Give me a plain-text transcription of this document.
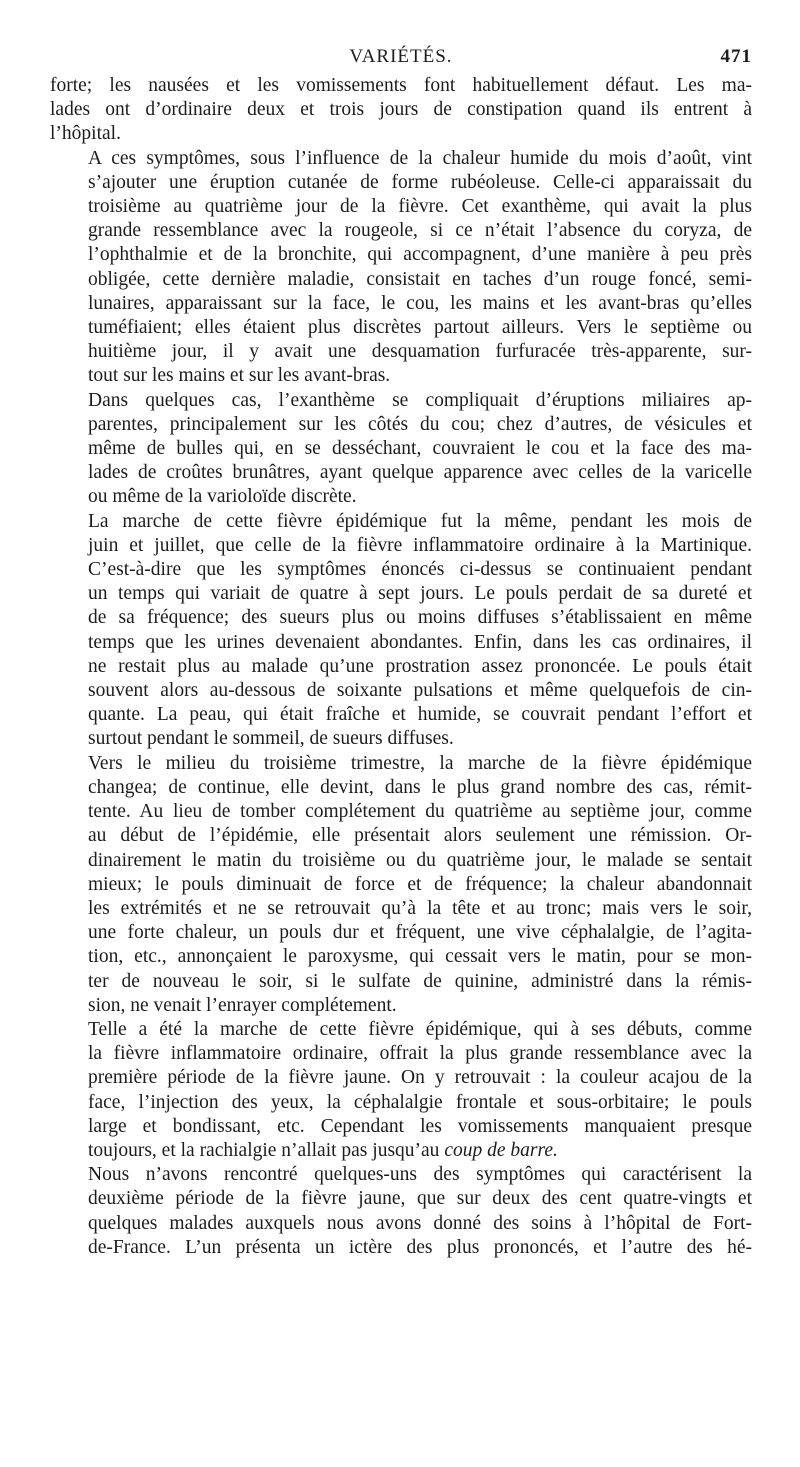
VARIÉTÉS.	471

forte; les nausées et les vomissements font habituellement défaut. Les ma-
lades ont d’ordinaire deux et trois jours de constipation quand ils entrent à
l’hôpital.

A ces symptômes, sous l’influence de la chaleur humide du mois d’août, vint
s’ajouter une éruption cutanée de forme rubéoleuse. Celle-ci apparaissait du
troisième au quatrième jour de la fièvre. Cet exanthème, qui avait la plus
grande ressemblance avec la rougeole, si ce n’était l’absence du coryza, de
l’ophthalmie et de la bronchite, qui accompagnent, d’une manière à peu près
obligée, cette dernière maladie, consistait en taches d’un rouge foncé, semi-
lunaires, apparaissant sur la face, le cou, les mains et les avant-bras qu’elles
tuméfiaient; elles étaient plus discrètes partout ailleurs. Vers le septième ou
huitième jour, il y avait une desquamation furfuracée très-apparente, sur-
tout sur les mains et sur les avant-bras.

Dans quelques cas, l’exanthème se compliquait d’éruptions miliaires ap-
parentes, principalement sur les côtés du cou; chez d’autres, de vésicules et
même de bulles qui, en se desséchant, couvraient le cou et la face des ma-
lades de croûtes brunâtres, ayant quelque apparence avec celles de la varicelle
ou même de la varioloïde discrète.

La marche de cette fièvre épidémique fut la même, pendant les mois de
juin et juillet, que celle de la fièvre inflammatoire ordinaire à la Martinique.
C’est-à-dire que les symptômes énoncés ci-dessus se continuaient pendant
un temps qui variait de quatre à sept jours. Le pouls perdait de sa dureté et
de sa fréquence; des sueurs plus ou moins diffuses s’établissaient en même
temps que les urines devenaient abondantes. Enfin, dans les cas ordinaires, il
ne restait plus au malade qu’une prostration assez prononcée. Le pouls était
souvent alors au-dessous de soixante pulsations et même quelquefois de cin-
quante. La peau, qui était fraîche et humide, se couvrait pendant l’effort et
surtout pendant le sommeil, de sueurs diffuses.

Vers le milieu du troisième trimestre, la marche de la fièvre épidémique
changea; de continue, elle devint, dans le plus grand nombre des cas, rémit-
tente. Au lieu de tomber complétement du quatrième au septième jour, comme
au début de l’épidémie, elle présentait alors seulement une rémission. Or-
dinairement le matin du troisième ou du quatrième jour, le malade se sentait
mieux; le pouls diminuait de force et de fréquence; la chaleur abandonnait
les extrémités et ne se retrouvait qu’à la tête et au tronc; mais vers le soir,
une forte chaleur, un pouls dur et fréquent, une vive céphalalgie, de l’agita-
tion, etc., annonçaient le paroxysme, qui cessait vers le matin, pour se mon-
ter de nouveau le soir, si le sulfate de quinine, administré dans la rémis-
sion, ne venait l’enrayer complétement.

Telle a été la marche de cette fièvre épidémique, qui à ses débuts, comme
la fièvre inflammatoire ordinaire, offrait la plus grande ressemblance avec la
première période de la fièvre jaune. On y retrouvait : la couleur acajou de la
face, l’injection des yeux, la céphalalgie frontale et sous-orbitaire; le pouls
large et bondissant, etc. Cependant les vomissements manquaient presque
toujours, et la rachialgie n’allait pas jusqu’au coup de barre.

Nous n’avons rencontré quelques-uns des symptômes qui caractérisent la
deuxième période de la fièvre jaune, que sur deux des cent quatre-vingts et
quelques malades auxquels nous avons donné des soins à l’hôpital de Fort-
de-France. L’un présenta un ictère des plus prononcés, et l’autre des hé-
